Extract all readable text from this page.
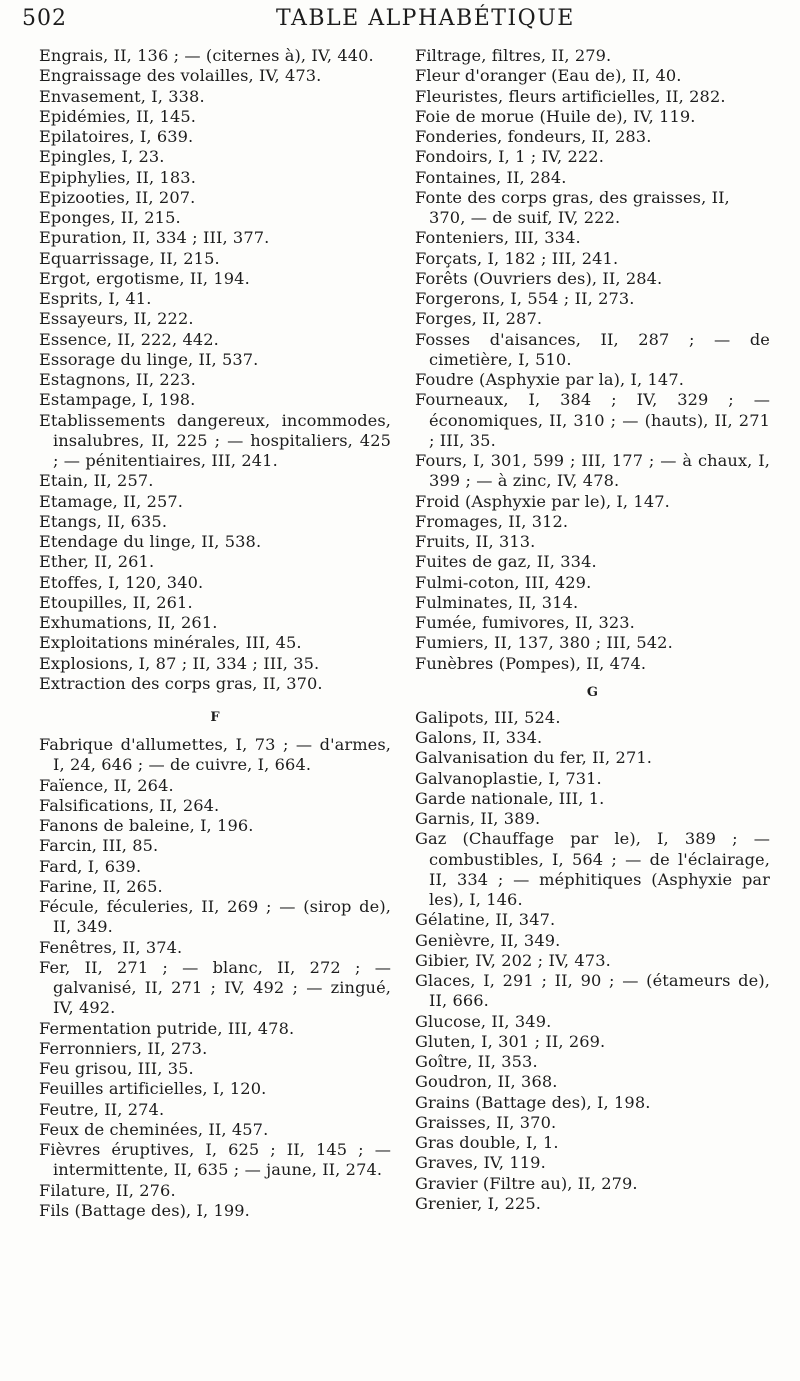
502	TABLE ALPHABÉTIQUE

Engrais, II, 136 ; — (citernes à), IV, 440.

Engraissage des volailles, IV, 473.

Envasement, I, 338.

Epidémies, II, 145.

Epilatoires, I, 639.

Epingles, I, 23.

Epiphylies, II, 183.

Epizooties, II, 207.

Eponges, II, 215.

Epuration, II, 334 ; III, 377.

Equarrissage, II, 215.

Ergot, ergotisme, II, 194.

Esprits, I, 41.

Essayeurs, II, 222.

Essence, II, 222, 442.

Essorage du linge, II, 537.

Estagnons, II, 223.

Estampage, I, 198.

Etablissements dangereux, incommodes, insalubres, II, 225 ; — hospitaliers, 425 ; — pénitentiaires, III, 241.

Etain, II, 257.

Etamage, II, 257.

Etangs, II, 635.

Etendage du linge, II, 538.

Ether, II, 261.

Etoffes, I, 120, 340.

Etoupilles, II, 261.

Exhumations, II, 261.

Exploitations minérales, III, 45.

Explosions, I, 87 ; II, 334 ; III, 35.

Extraction des corps gras, II, 370.

F

Fabrique d'allumettes, I, 73 ; — d'armes, I, 24, 646 ; — de cuivre, I, 664.

Faïence, II, 264.

Falsifications, II, 264.

Fanons de baleine, I, 196.

Farcin, III, 85.

Fard, I, 639.

Farine, II, 265.

Fécule, féculeries, II, 269 ; — (sirop de), II, 349.

Fenêtres, II, 374.

Fer, II, 271 ; — blanc, II, 272 ; — galvanisé, II, 271 ; IV, 492 ; — zingué, IV, 492.

Fermentation putride, III, 478.

Ferronniers, II, 273.

Feu grisou, III, 35.

Feuilles artificielles, I, 120.

Feutre, II, 274.

Feux de cheminées, II, 457.

Fièvres éruptives, I, 625 ; II, 145 ; — intermittente, II, 635 ; — jaune, II, 274.

Filature, II, 276.

Fils (Battage des), I, 199.

Filtrage, filtres, II, 279.

Fleur d'oranger (Eau de), II, 40.

Fleuristes, fleurs artificielles, II, 282.

Foie de morue (Huile de), IV, 119.

Fonderies, fondeurs, II, 283.

Fondoirs, I, 1 ; IV, 222.

Fontaines, II, 284.

Fonte des corps gras, des graisses, II, 370, — de suif, IV, 222.

Fonteniers, III, 334.

Forçats, I, 182 ; III, 241.

Forêts (Ouvriers des), II, 284.

Forgerons, I, 554 ; II, 273.

Forges, II, 287.

Fosses d'aisances, II, 287 ; — de cimetière, I, 510.

Foudre (Asphyxie par la), I, 147.

Fourneaux, I, 384 ; IV, 329 ; — économiques, II, 310 ; — (hauts), II, 271 ; III, 35.

Fours, I, 301, 599 ; III, 177 ; — à chaux, I, 399 ; — à zinc, IV, 478.

Froid (Asphyxie par le), I, 147.

Fromages, II, 312.

Fruits, II, 313.

Fuites de gaz, II, 334.

Fulmi-coton, III, 429.

Fulminates, II, 314.

Fumée, fumivores, II, 323.

Fumiers, II, 137, 380 ; III, 542.

Funèbres (Pompes), II, 474.

G

Galipots, III, 524.

Galons, II, 334.

Galvanisation du fer, II, 271.

Galvanoplastie, I, 731.

Garde nationale, III, 1.

Garnis, II, 389.

Gaz (Chauffage par le), I, 389 ; — combustibles, I, 564 ; — de l'éclairage, II, 334 ; — méphitiques (Asphyxie par les), I, 146.

Gélatine, II, 347.

Genièvre, II, 349.

Gibier, IV, 202 ; IV, 473.

Glaces, I, 291 ; II, 90 ; — (étameurs de), II, 666.

Glucose, II, 349.

Gluten, I, 301 ; II, 269.

Goître, II, 353.

Goudron, II, 368.

Grains (Battage des), I, 198.

Graisses, II, 370.

Gras double, I, 1.

Graves, IV, 119.

Gravier (Filtre au), II, 279.

Grenier, I, 225.
